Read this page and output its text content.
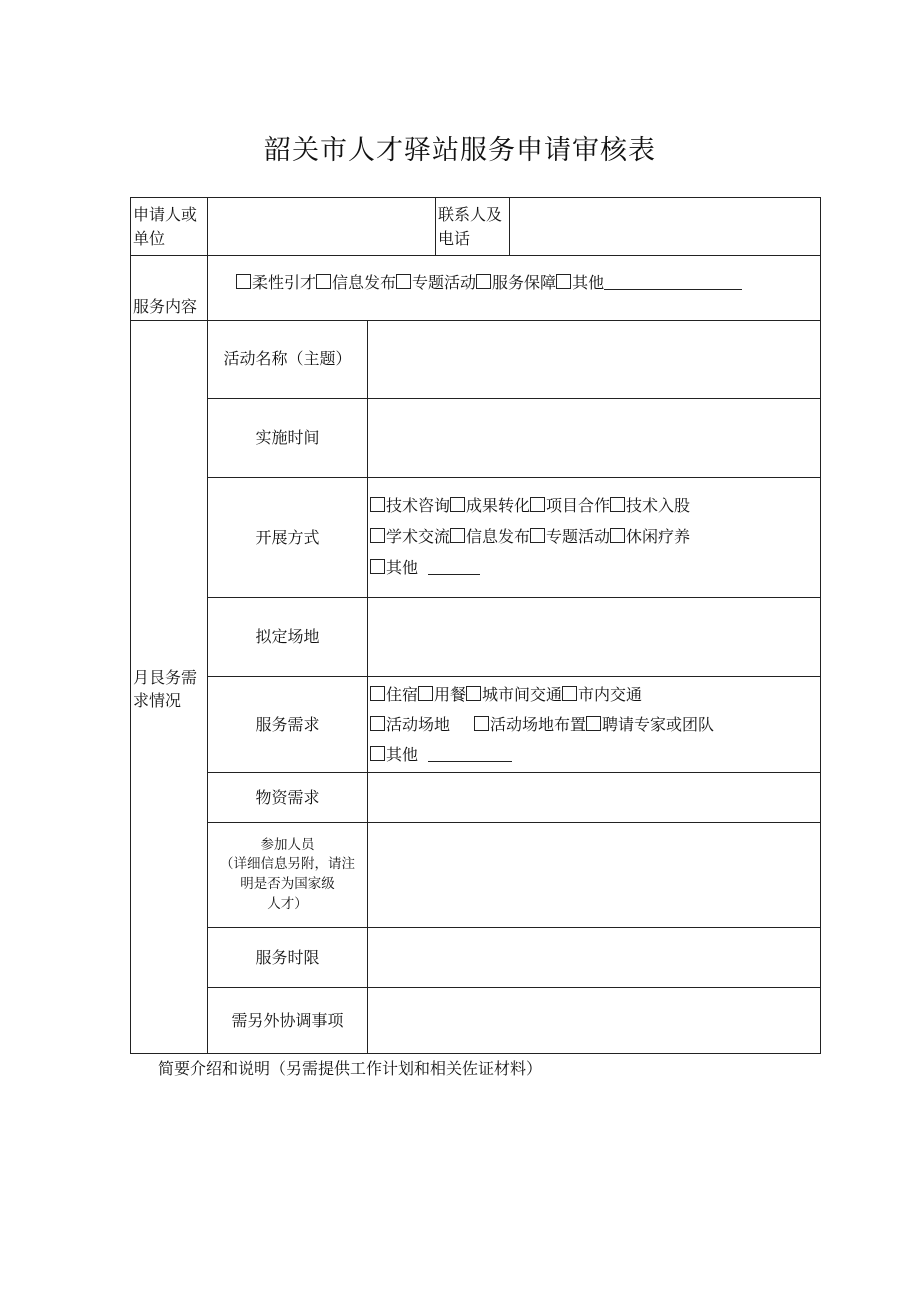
韶关市人才驿站服务申请审核表
申请人或单位			联系人及电话	

服务内容	柔性引才 信息发布 专题活动 服务保障 其他			

月艮务需求情况	活动名称（主题）			
	实施时间			
	开展方式	技术咨询 成果转化 项目合作 技术入股
学术交流 信息发布 专题活动 休闲疗养
其他		

	拟定场地			
	服务需求	住宿 用餐 城市间交通 市内交通
活动场地 活动场地布置 聘请专家或团队
其他		

	物资需求			

	参加人员
（详细信息另附，请注
明是否为国家级
人才）			

	服务时限			
	需另外协调事项			
简要介绍和说明（另需提供工作计划和相关佐证材料）
